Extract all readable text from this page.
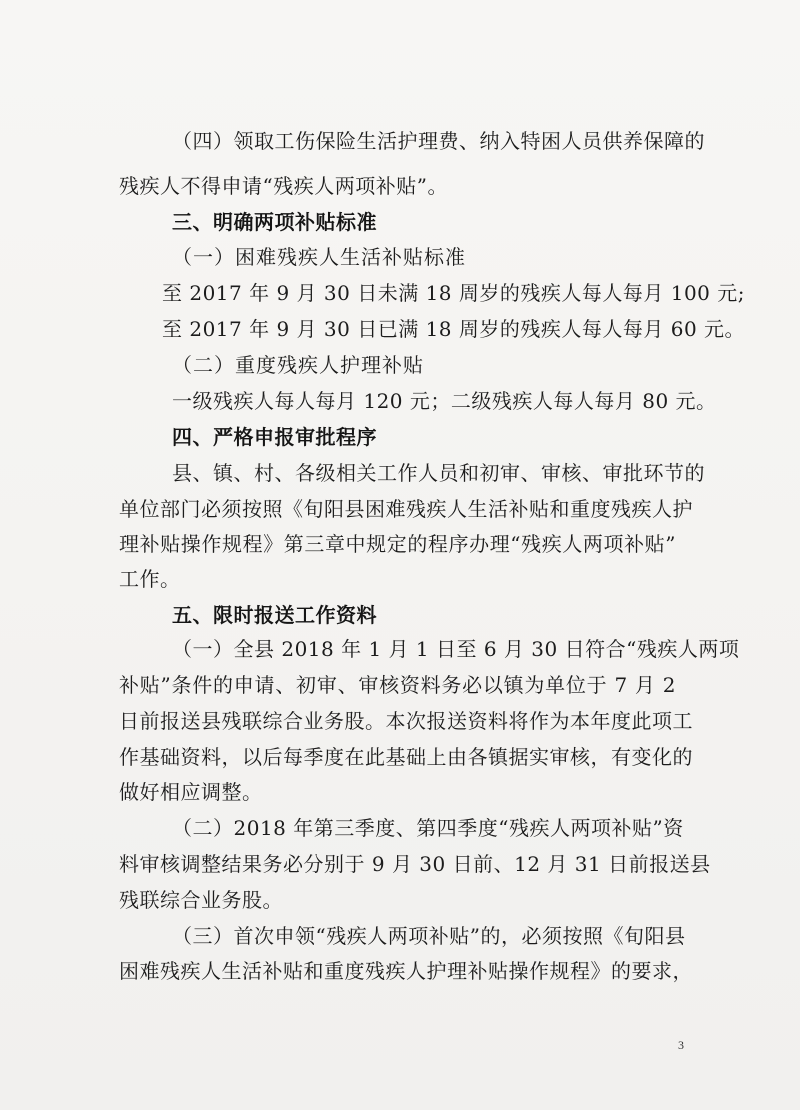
（四）领取工伤保险生活护理费、纳入特困人员供养保障的
残疾人不得申请“残疾人两项补贴”。
三、明确两项补贴标准
（一）困难残疾人生活补贴标准
至 2017 年 9 月 30 日未满 18 周岁的残疾人每人每月 100 元;
至 2017 年 9 月 30 日已满 18 周岁的残疾人每人每月 60 元。
（二）重度残疾人护理补贴
一级残疾人每人每月 120 元；二级残疾人每人每月 80 元。
四、严格申报审批程序
县、镇、村、各级相关工作人员和初审、审核、审批环节的
单位部门必须按照《旬阳县困难残疾人生活补贴和重度残疾人护
理补贴操作规程》第三章中规定的程序办理“残疾人两项补贴”
工作。
五、限时报送工作资料
（一）全县 2018 年 1 月 1 日至 6 月 30 日符合“残疾人两项
补贴”条件的申请、初审、审核资料务必以镇为单位于 7 月 2
日前报送县残联综合业务股。本次报送资料将作为本年度此项工
作基础资料，以后每季度在此基础上由各镇据实审核，有变化的
做好相应调整。
（二）2018 年第三季度、第四季度“残疾人两项补贴”资
料审核调整结果务必分别于 9 月 30 日前、12 月 31 日前报送县
残联综合业务股。
（三）首次申领“残疾人两项补贴”的，必须按照《旬阳县
困难残疾人生活补贴和重度残疾人护理补贴操作规程》的要求，
3
